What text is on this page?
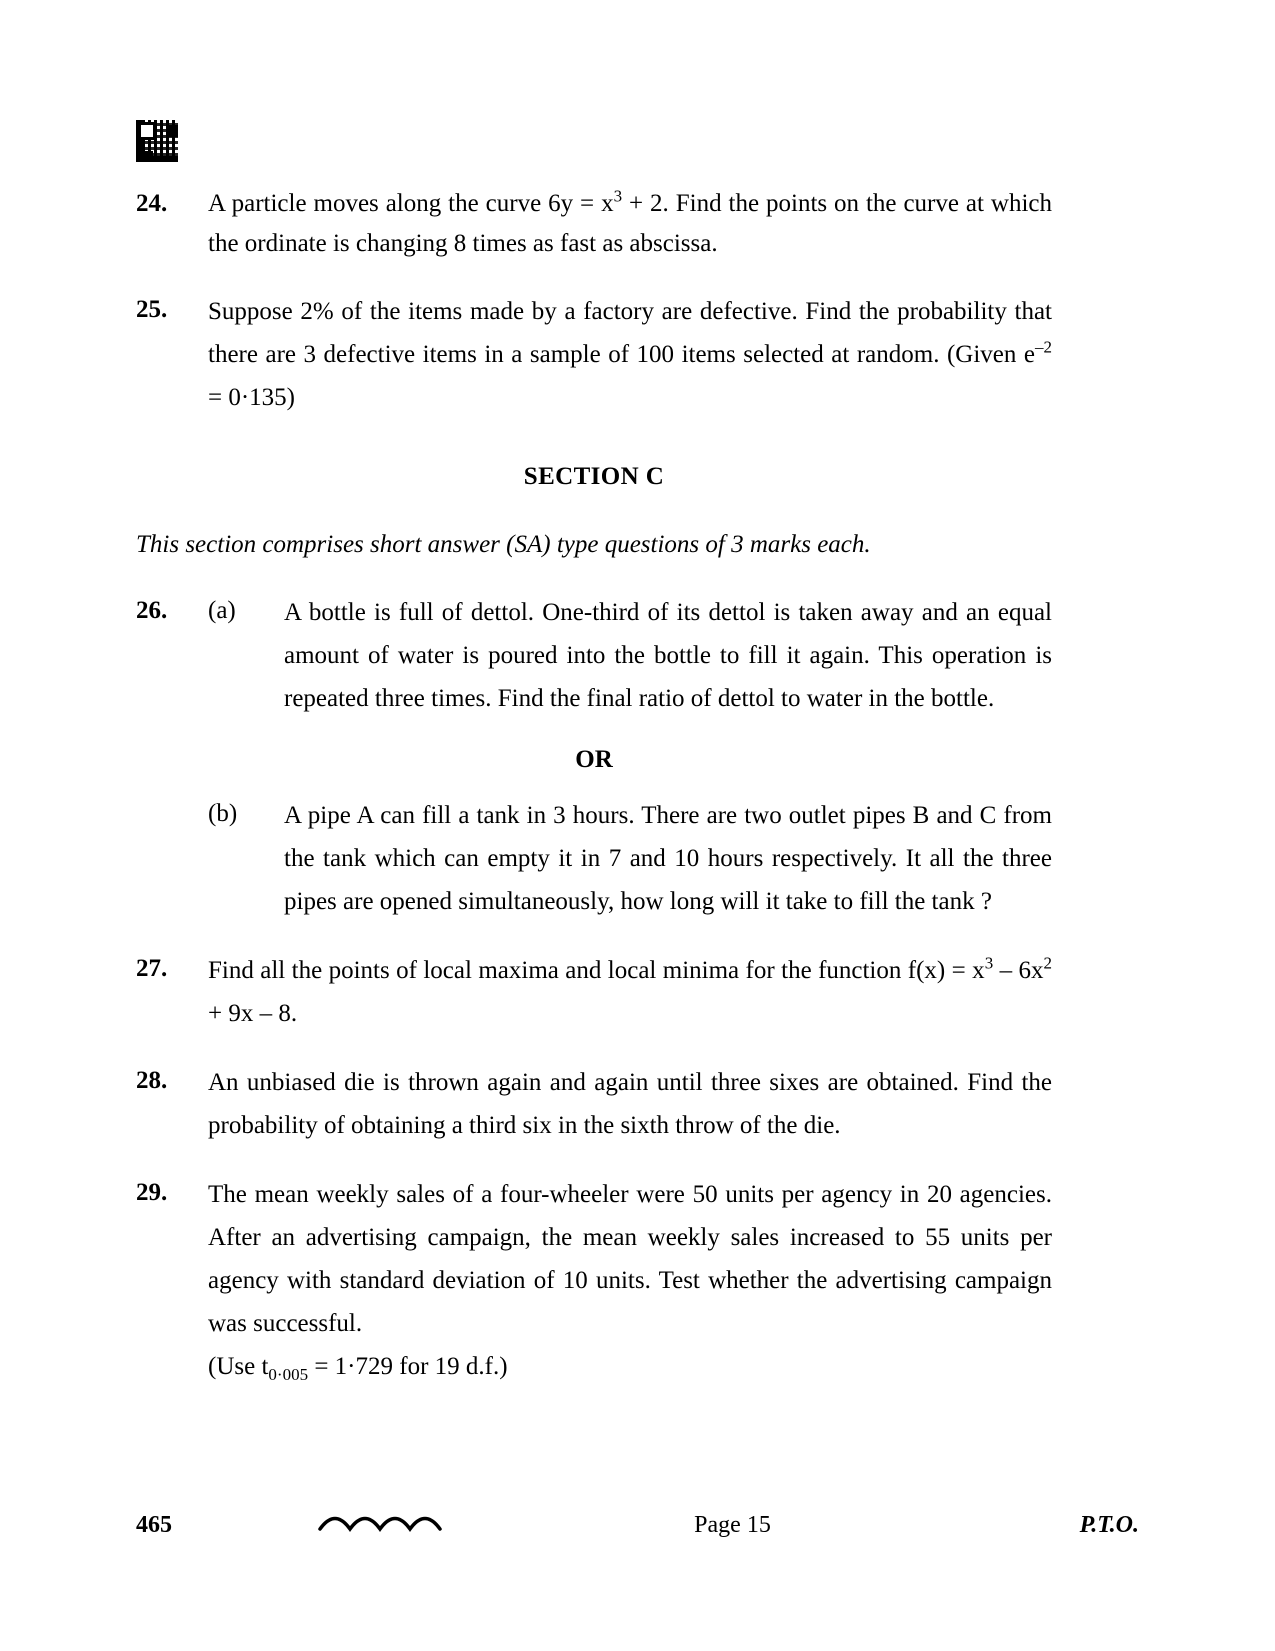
24.	A particle moves along the curve $6y = x^3 + 2$. Find the points on the curve at which the ordinate is changing 8 times as fast as abscissa.
25.	Suppose 2% of the items made by a factory are defective. Find the probability that there are 3 defective items in a sample of 100 items selected at random. (Given $e^{-2} = 0\cdot 135$)
SECTION C
This section comprises short answer (SA) type questions of 3 marks each.
26.	(a)	A bottle is full of dettol. One-third of its dettol is taken away and an equal amount of water is poured into the bottle to fill it again. This operation is repeated three times. Find the final ratio of dettol to water in the bottle.
OR
(b)	A pipe A can fill a tank in 3 hours. There are two outlet pipes B and C from the tank which can empty it in 7 and 10 hours respectively. It all the three pipes are opened simultaneously, how long will it take to fill the tank ?
27.	Find all the points of local maxima and local minima for the function $f(x) = x^3 - 6x^2 + 9x - 8$.
28.	An unbiased die is thrown again and again until three sixes are obtained. Find the probability of obtaining a third six in the sixth throw of the die.
29.	The mean weekly sales of a four-wheeler were 50 units per agency in 20 agencies. After an advertising campaign, the mean weekly sales increased to 55 units per agency with standard deviation of 10 units. Test whether the advertising campaign was successful.
(Use $t_{0\cdot 005} = 1\cdot 729$ for 19 d.f.)
465	Page 15	P.T.O.
